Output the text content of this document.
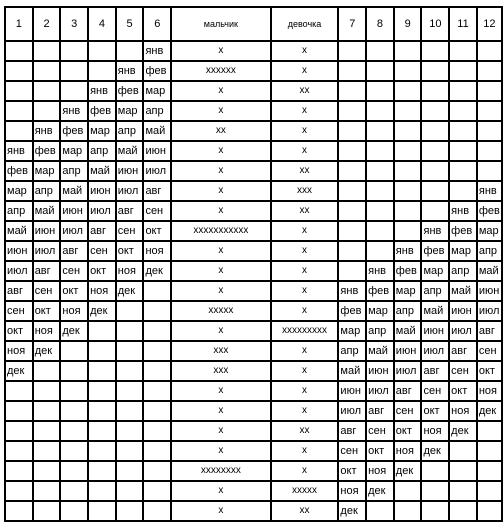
1	2	3	4	5	6	мальчик	девочка	7	8	9	10	11	12
					янв	х	х						
				янв	фев	хххххх	х						
			янв	фев	мар	х	хх						
		янв	фев	мар	апр	х	х						
	янв	фев	мар	апр	май	хх	х						
янв	фев	мар	апр	май	июн	х	х						
фев	мар	апр	май	июн	июл	х	хх						
мар	апр	май	июн	июл	авг	х	ххх						янв
апр	май	июн	июл	авг	сен	х	хх					янв	фев
май	июн	июл	авг	сен	окт	ххххххххххх	х				янв	фев	мар
июн	июл	авг	сен	окт	ноя	х	х			янв	фев	мар	апр
июл	авг	сен	окт	ноя	дек	х	х		янв	фев	мар	апр	май
авг	сен	окт	ноя	дек		х	х	янв	фев	мар	апр	май	июн
сен	окт	ноя	дек			ххххх	х	фев	мар	апр	май	июн	июл
окт	ноя	дек				х	ххххххххх	мар	апр	май	июн	июл	авг
ноя	дек					ххх	х	апр	май	июн	июл	авг	сен
дек						ххх	х	май	июн	июл	авг	сен	окт
						х	х	июн	июл	авг	сен	окт	ноя
						х	х	июл	авг	сен	окт	ноя	дек
						х	хх	авг	сен	окт	ноя	дек	
						х	х	сен	окт	ноя	дек		
						хххххххх	х	окт	ноя	дек			
						х	ххххх	ноя	дек				
						х	хх	дек					
